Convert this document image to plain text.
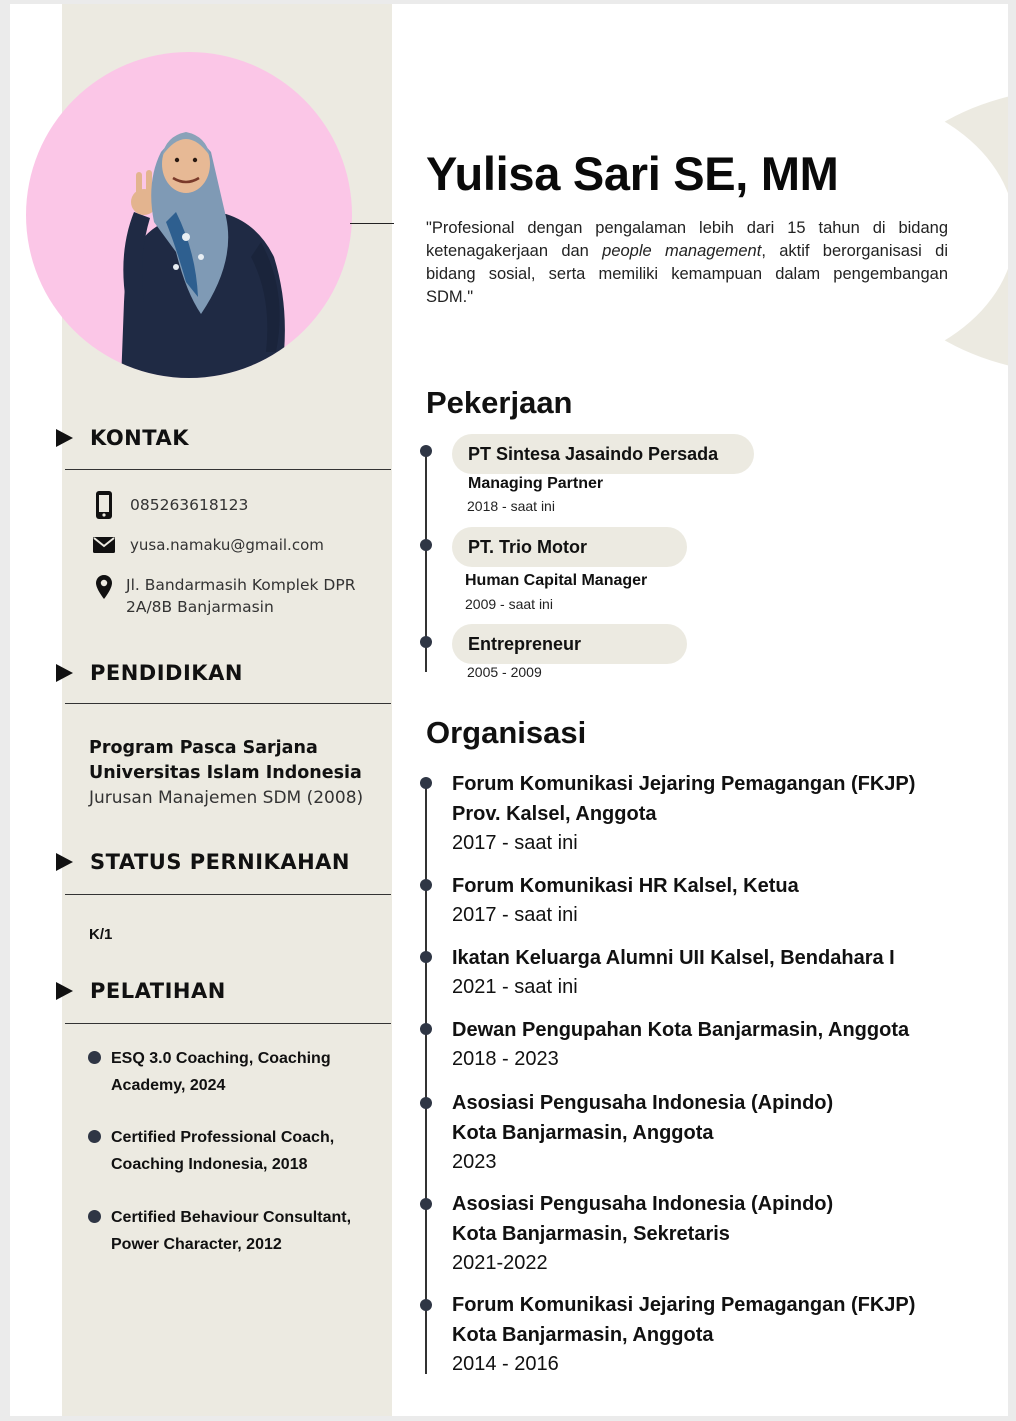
KONTAK
085263618123
yusa.namaku@gmail.com
Jl. Bandarmasih Komplek DPR
2A/8B Banjarmasin
PENDIDIKAN
Program Pasca Sarjana
Universitas Islam Indonesia
Jurusan Manajemen SDM (2008)
STATUS PERNIKAHAN
K/1
PELATIHAN
ESQ 3.0 Coaching, Coaching
Academy, 2024
Certified Professional Coach,
Coaching Indonesia, 2018
Certified Behaviour Consultant,
Power Character, 2012
Yulisa Sari SE, MM
"Profesional dengan pengalaman lebih dari 15 tahun di bidang ketenagakerjaan dan people management, aktif berorganisasi di bidang sosial, serta memiliki kemampuan dalam pengembangan SDM."
Pekerjaan
PT Sintesa Jasaindo Persada
Managing Partner
2018 - saat ini
PT. Trio Motor
Human Capital Manager
2009 - saat ini
Entrepreneur
2005 - 2009
Organisasi
Forum Komunikasi Jejaring Pemagangan (FKJP)
Prov. Kalsel, Anggota
2017 - saat ini
Forum Komunikasi HR Kalsel, Ketua
2017 - saat ini
Ikatan Keluarga Alumni UII Kalsel, Bendahara I
2021 - saat ini
Dewan Pengupahan Kota Banjarmasin, Anggota
2018 - 2023
Asosiasi Pengusaha Indonesia (Apindo)
Kota Banjarmasin, Anggota
2023
Asosiasi Pengusaha Indonesia (Apindo)
Kota Banjarmasin, Sekretaris
2021-2022
Forum Komunikasi Jejaring Pemagangan (FKJP)
Kota Banjarmasin, Anggota
2014 - 2016
